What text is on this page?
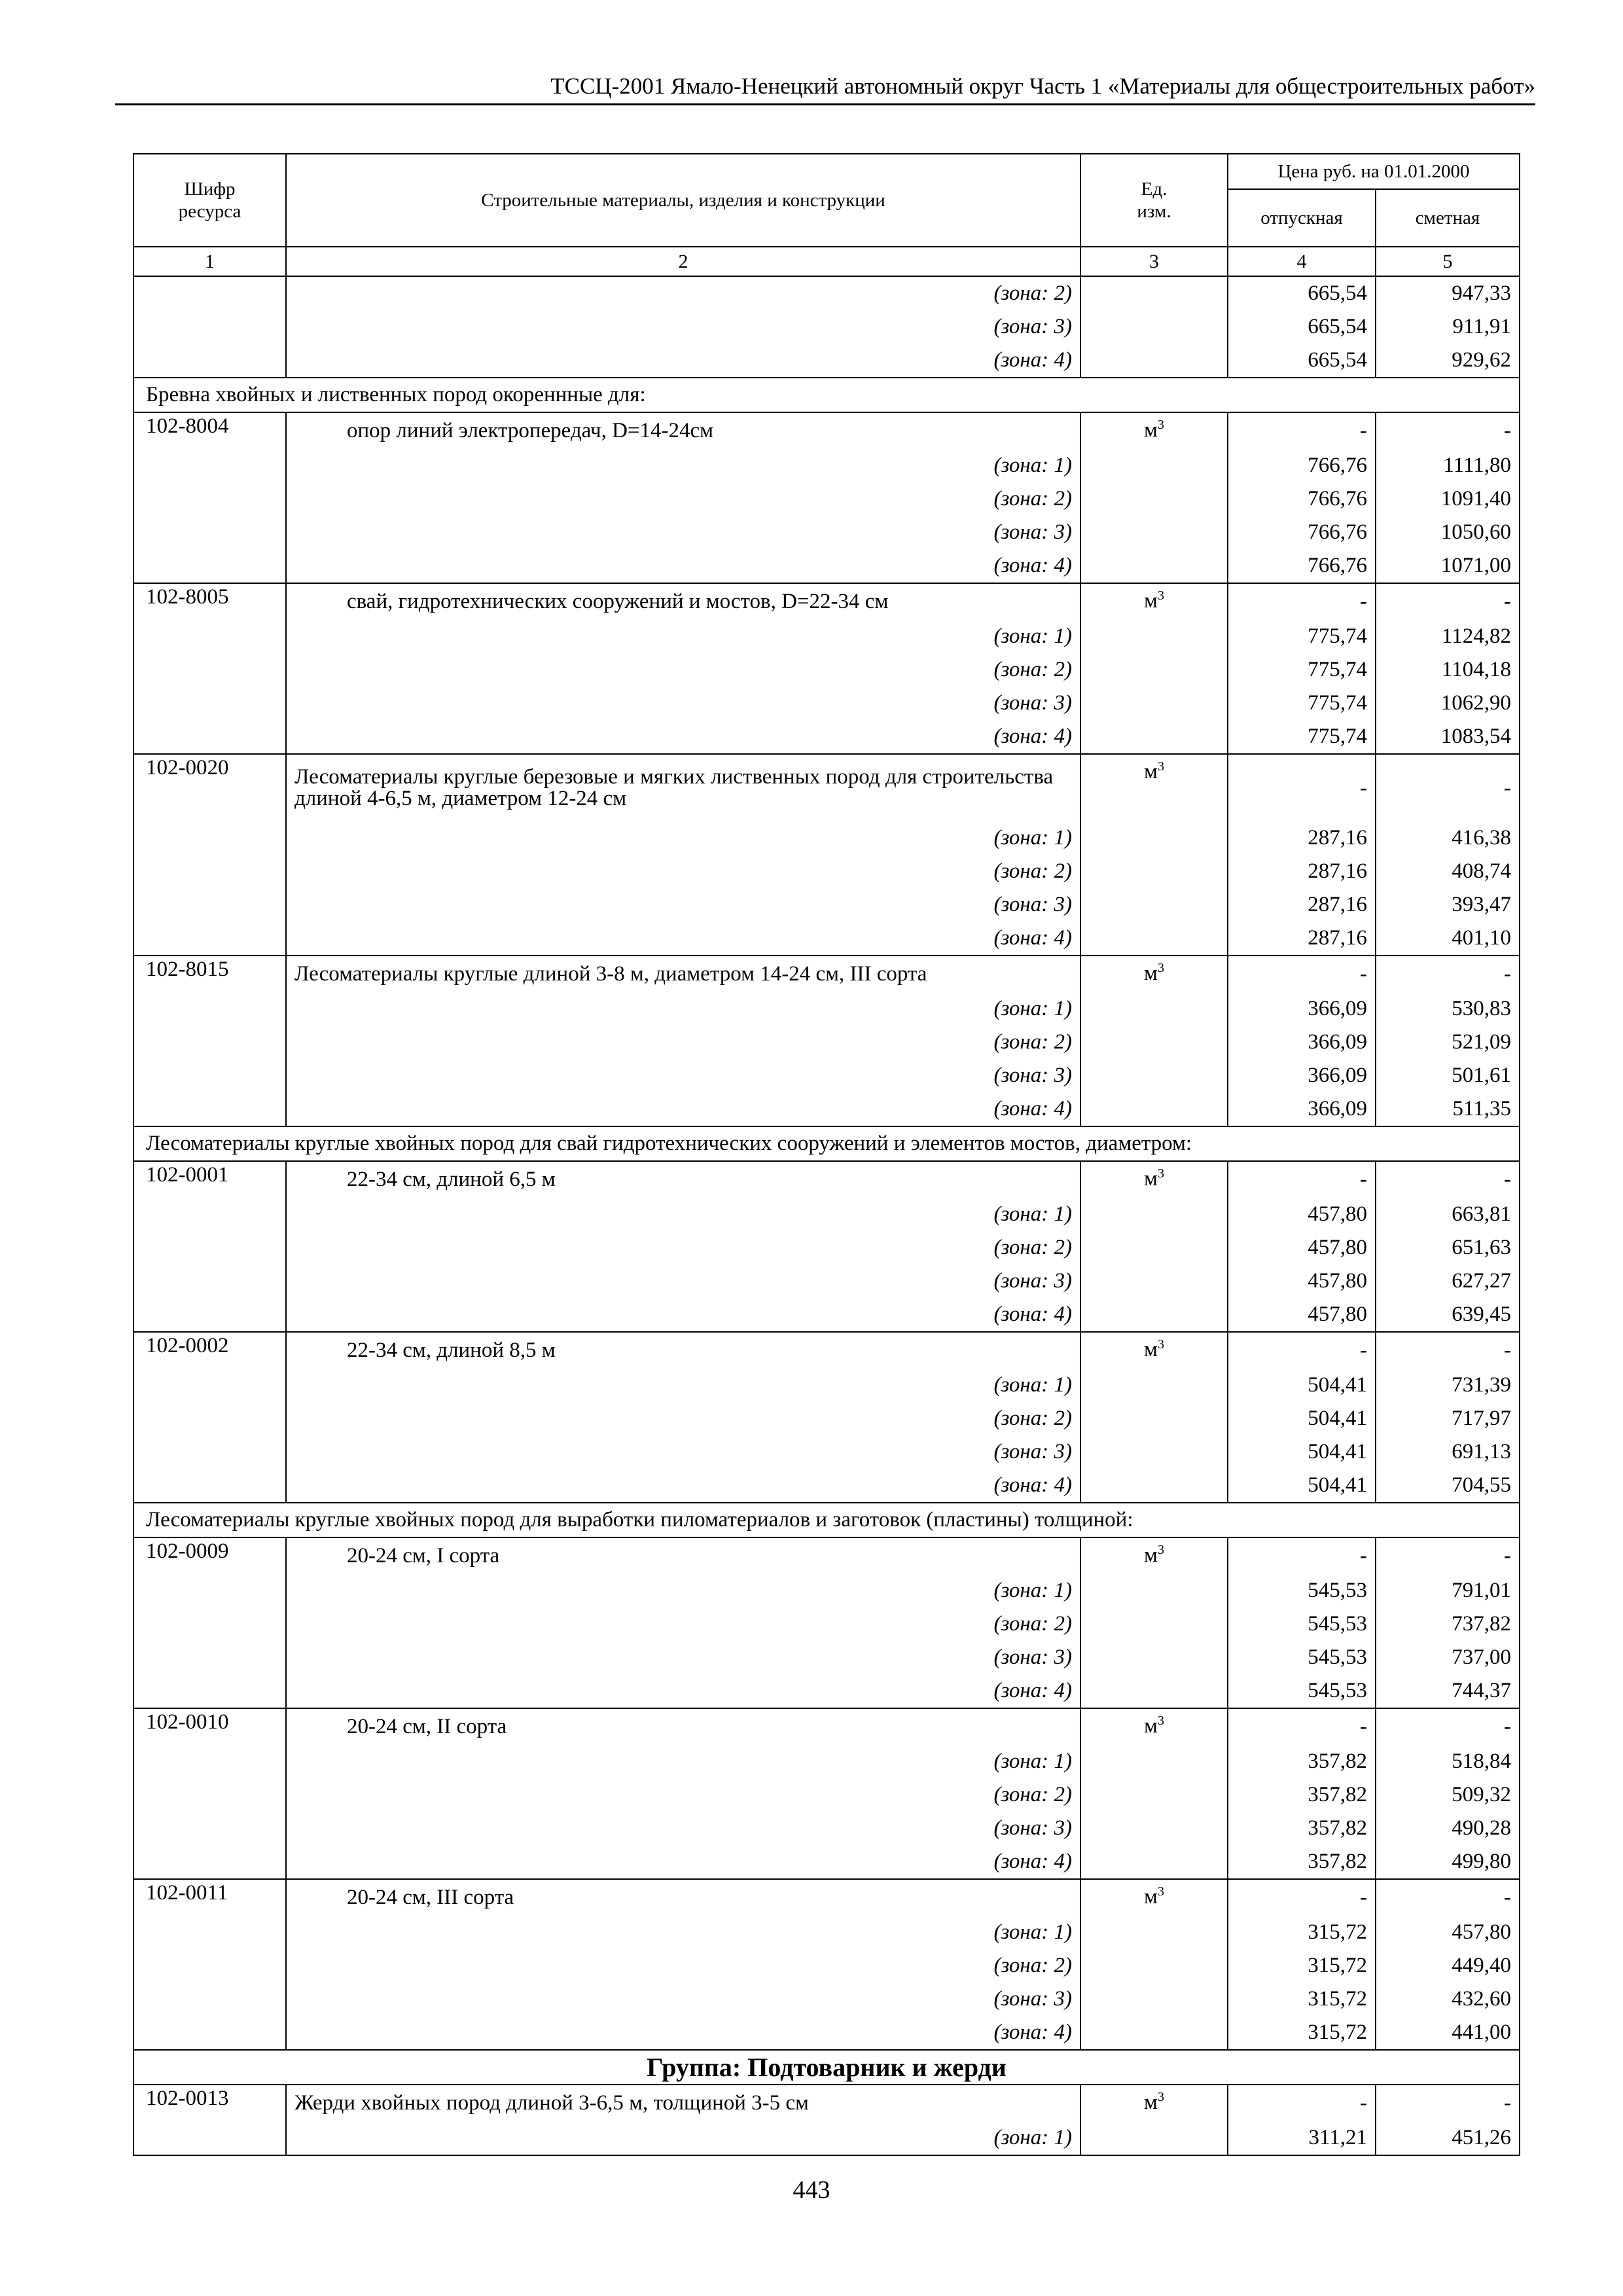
ТССЦ-2001 Ямало-Ненецкий автономный округ Часть 1 «Материалы для общестроительных работ»
Шифр ресурса	Строительные материалы, изделия и конструкции	Ед. изм.	Цена руб. на 01.01.2000	
			отпускная	сметная
1	2	3	4	5
	(зона: 2)		665,54	947,33
	(зона: 3)		665,54	911,91
	(зона: 4)		665,54	929,62
Бревна хвойных и лиственных пород окореннные для:				
102-8004	опор линий электропередач, D=14-24см	$м^3$	-	-
	(зона: 1)		766,76	1111,80
	(зона: 2)		766,76	1091,40
	(зона: 3)		766,76	1050,60
	(зона: 4)		766,76	1071,00
102-8005	свай, гидротехнических сооружений и мостов, D=22-34 см	$м^3$	-	-
	(зона: 1)		775,74	1124,82
	(зона: 2)		775,74	1104,18
	(зона: 3)		775,74	1062,90
	(зона: 4)		775,74	1083,54
102-0020	Лесоматериалы круглые березовые и мягких лиственных пород для строительства длиной 4-6,5 м, диаметром 12-24 см	$м^3$	-	-
	(зона: 1)		287,16	416,38
	(зона: 2)		287,16	408,74
	(зона: 3)		287,16	393,47
	(зона: 4)		287,16	401,10
102-8015	Лесоматериалы круглые длиной 3-8 м, диаметром 14-24 см, III сорта	$м^3$	-	-
	(зона: 1)		366,09	530,83
	(зона: 2)		366,09	521,09
	(зона: 3)		366,09	501,61
	(зона: 4)		366,09	511,35
Лесоматериалы круглые хвойных пород для свай гидротехнических сооружений и элементов мостов, диаметром:				
102-0001	22-34 см, длиной 6,5 м	$м^3$	-	-
	(зона: 1)		457,80	663,81
	(зона: 2)		457,80	651,63
	(зона: 3)		457,80	627,27
	(зона: 4)		457,80	639,45
102-0002	22-34 см, длиной 8,5 м	$м^3$	-	-
	(зона: 1)		504,41	731,39
	(зона: 2)		504,41	717,97
	(зона: 3)		504,41	691,13
	(зона: 4)		504,41	704,55
Лесоматериалы круглые хвойных пород для выработки пиломатериалов и заготовок (пластины) толщиной:				
102-0009	20-24 см, I сорта	$м^3$	-	-
	(зона: 1)		545,53	791,01
	(зона: 2)		545,53	737,82
	(зона: 3)		545,53	737,00
	(зона: 4)		545,53	744,37
102-0010	20-24 см, II сорта	$м^3$	-	-
	(зона: 1)		357,82	518,84
	(зона: 2)		357,82	509,32
	(зона: 3)		357,82	490,28
	(зона: 4)		357,82	499,80
102-0011	20-24 см, III сорта	$м^3$	-	-
	(зона: 1)		315,72	457,80
	(зона: 2)		315,72	449,40
	(зона: 3)		315,72	432,60
	(зона: 4)		315,72	441,00
Группа: Подтоварник и жерди				
102-0013	Жерди хвойных пород длиной 3-6,5 м, толщиной 3-5 см	$м^3$	-	-
	(зона: 1)		311,21	451,26
443
